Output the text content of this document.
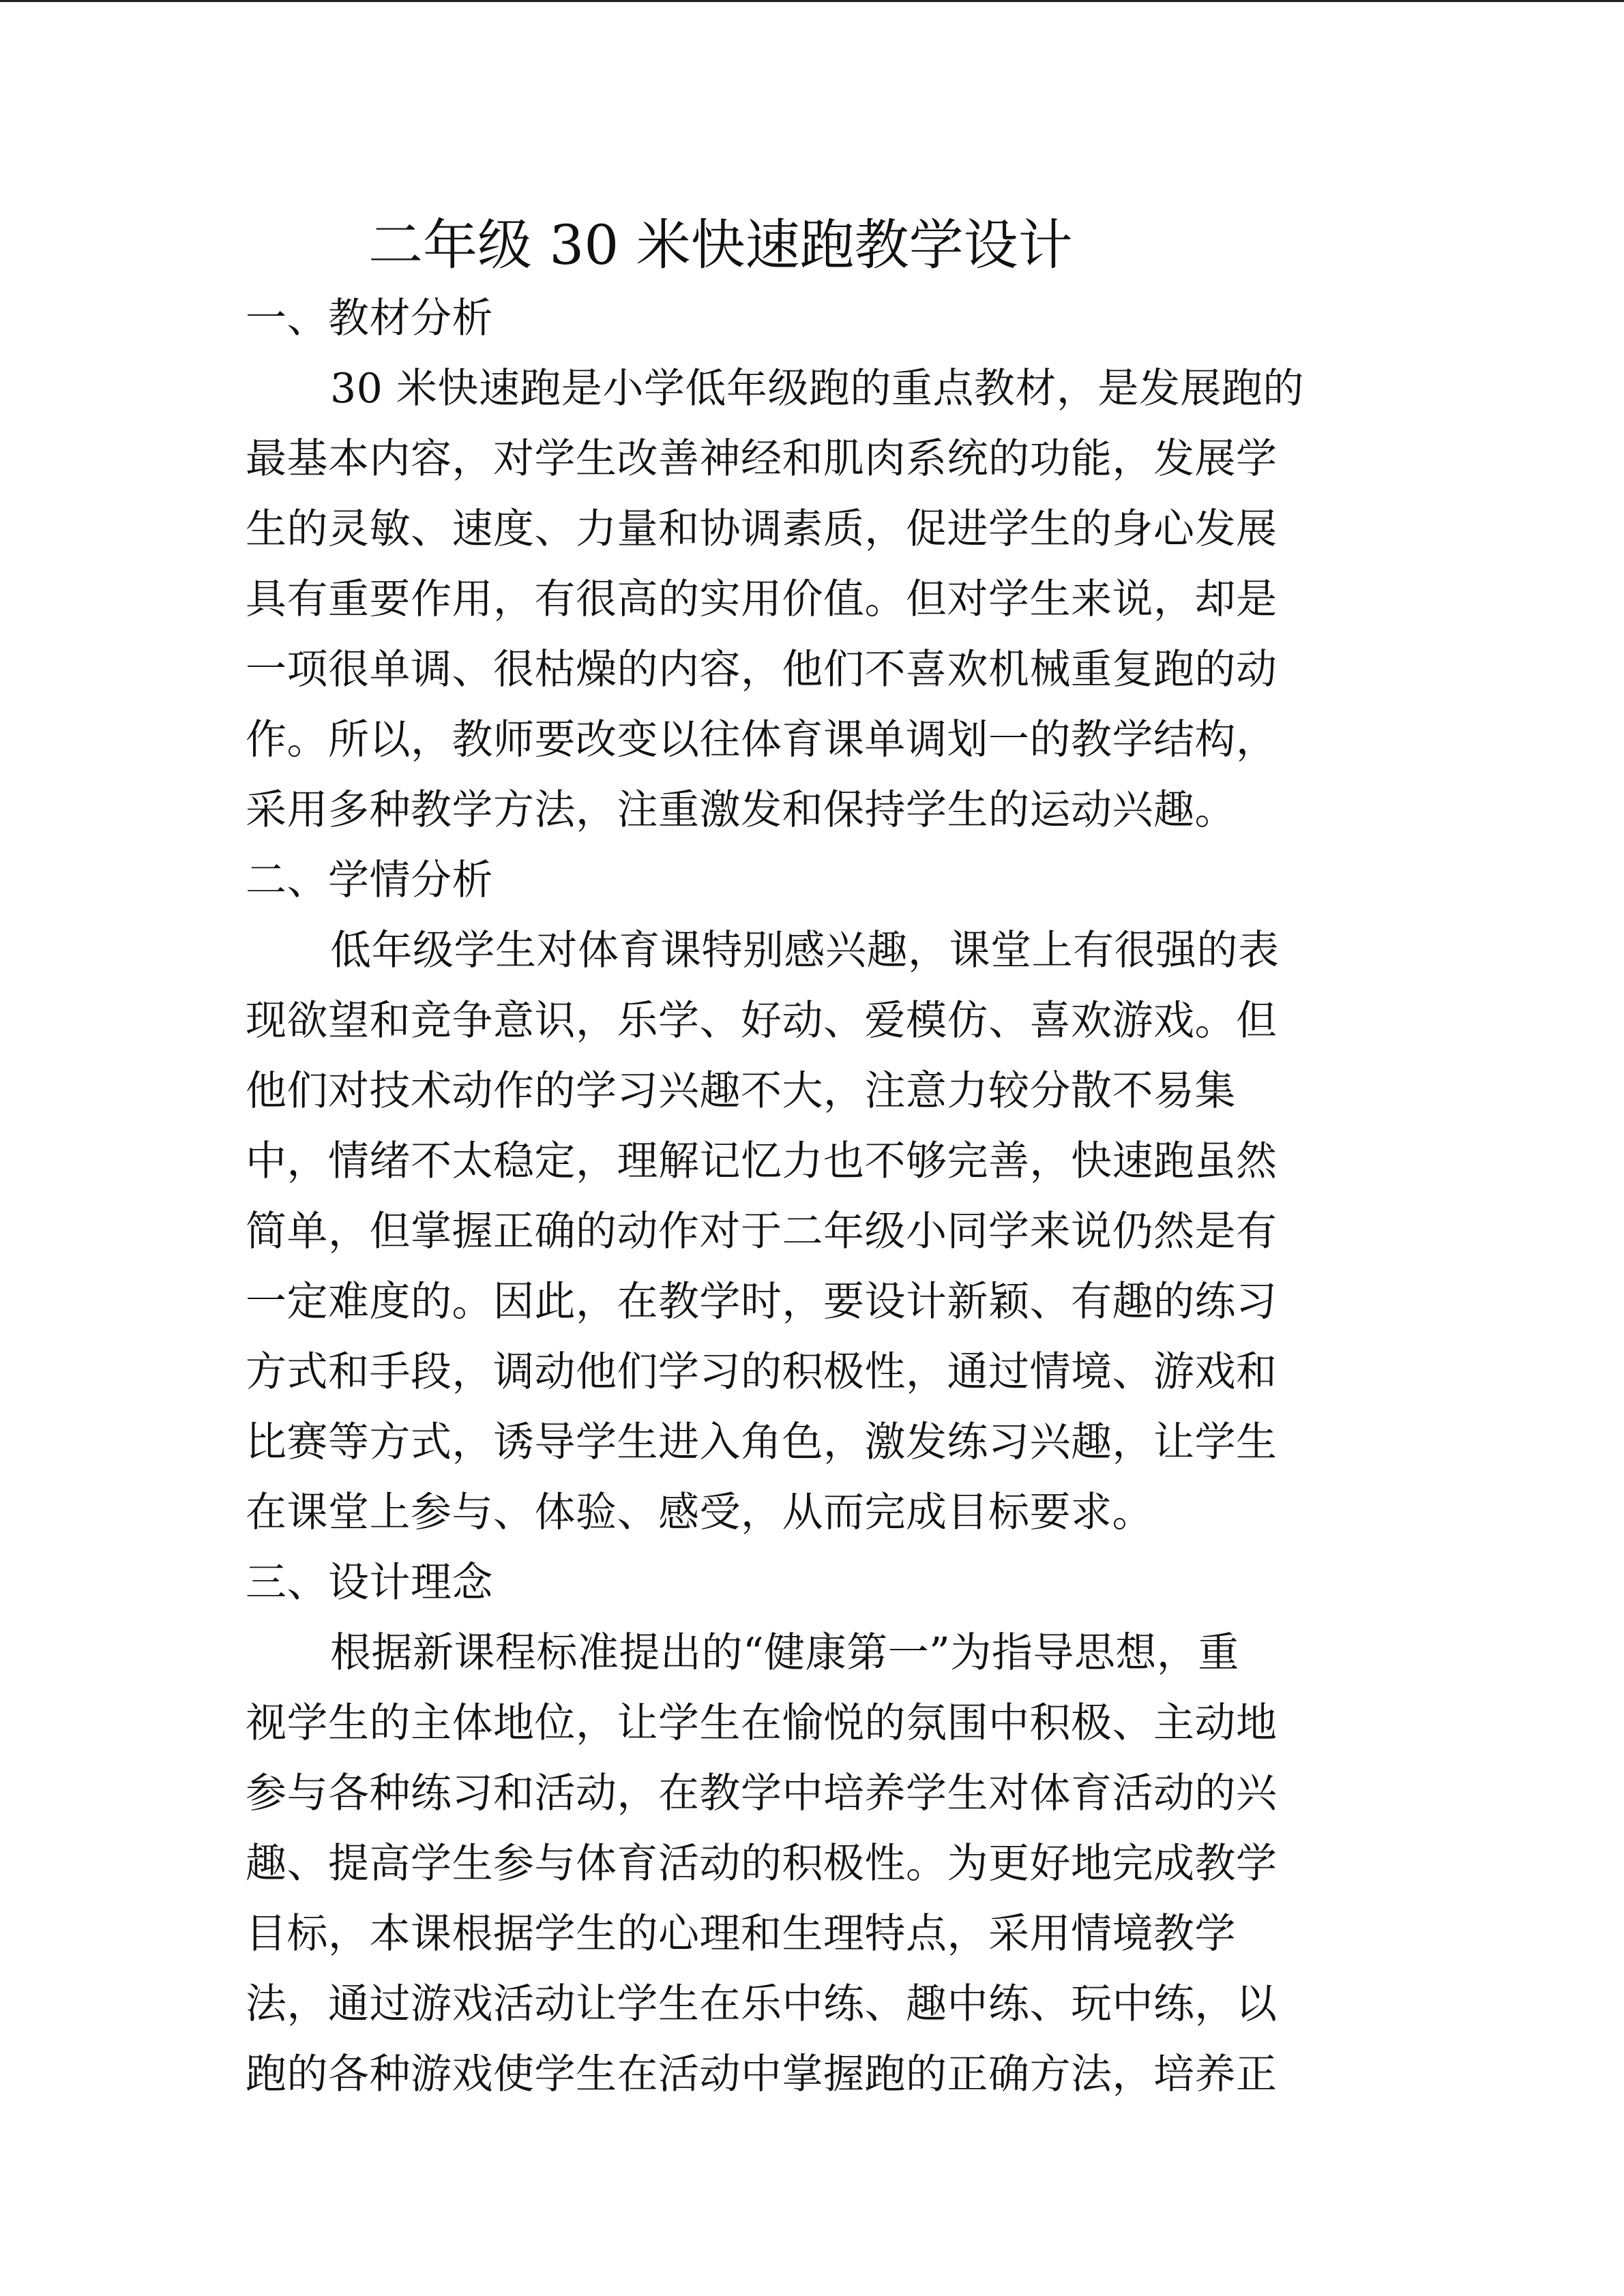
二年级 30 米快速跑教学设计
一、教材分析
30 米快速跑是小学低年级跑的重点教材，是发展跑的
最基本内容，对学生改善神经和肌肉系统的功能，发展学
生的灵敏、速度、力量和协调素质，促进学生的身心发展
具有重要作用，有很高的实用价值。但对学生来说，却是
一项很单调、很枯燥的内容，他们不喜欢机械重复跑的动
作。所以，教师要改变以往体育课单调划一的教学结构，
采用多种教学方法，注重激发和保持学生的运动兴趣。
二、学情分析
低年级学生对体育课特别感兴趣，课堂上有很强的表
现欲望和竞争意识，乐学、好动、爱模仿、喜欢游戏。但
他们对技术动作的学习兴趣不大，注意力较分散不易集
中，情绪不太稳定，理解记忆力也不够完善，快速跑虽然
简单，但掌握正确的动作对于二年级小同学来说仍然是有
一定难度的。因此，在教学时，要设计新颖、有趣的练习
方式和手段，调动他们学习的积极性，通过情境、游戏和
比赛等方式，诱导学生进入角色，激发练习兴趣，让学生
在课堂上参与、体验、感受，从而完成目标要求。
三、设计理念
根据新课程标准提出的“健康第一”为指导思想，重
视学生的主体地位，让学生在愉悦的氛围中积极、主动地
参与各种练习和活动，在教学中培养学生对体育活动的兴
趣、提高学生参与体育活动的积极性。为更好地完成教学
目标，本课根据学生的心理和生理特点，采用情境教学
法，通过游戏活动让学生在乐中练、趣中练、玩中练，以
跑的各种游戏使学生在活动中掌握跑的正确方法，培养正
